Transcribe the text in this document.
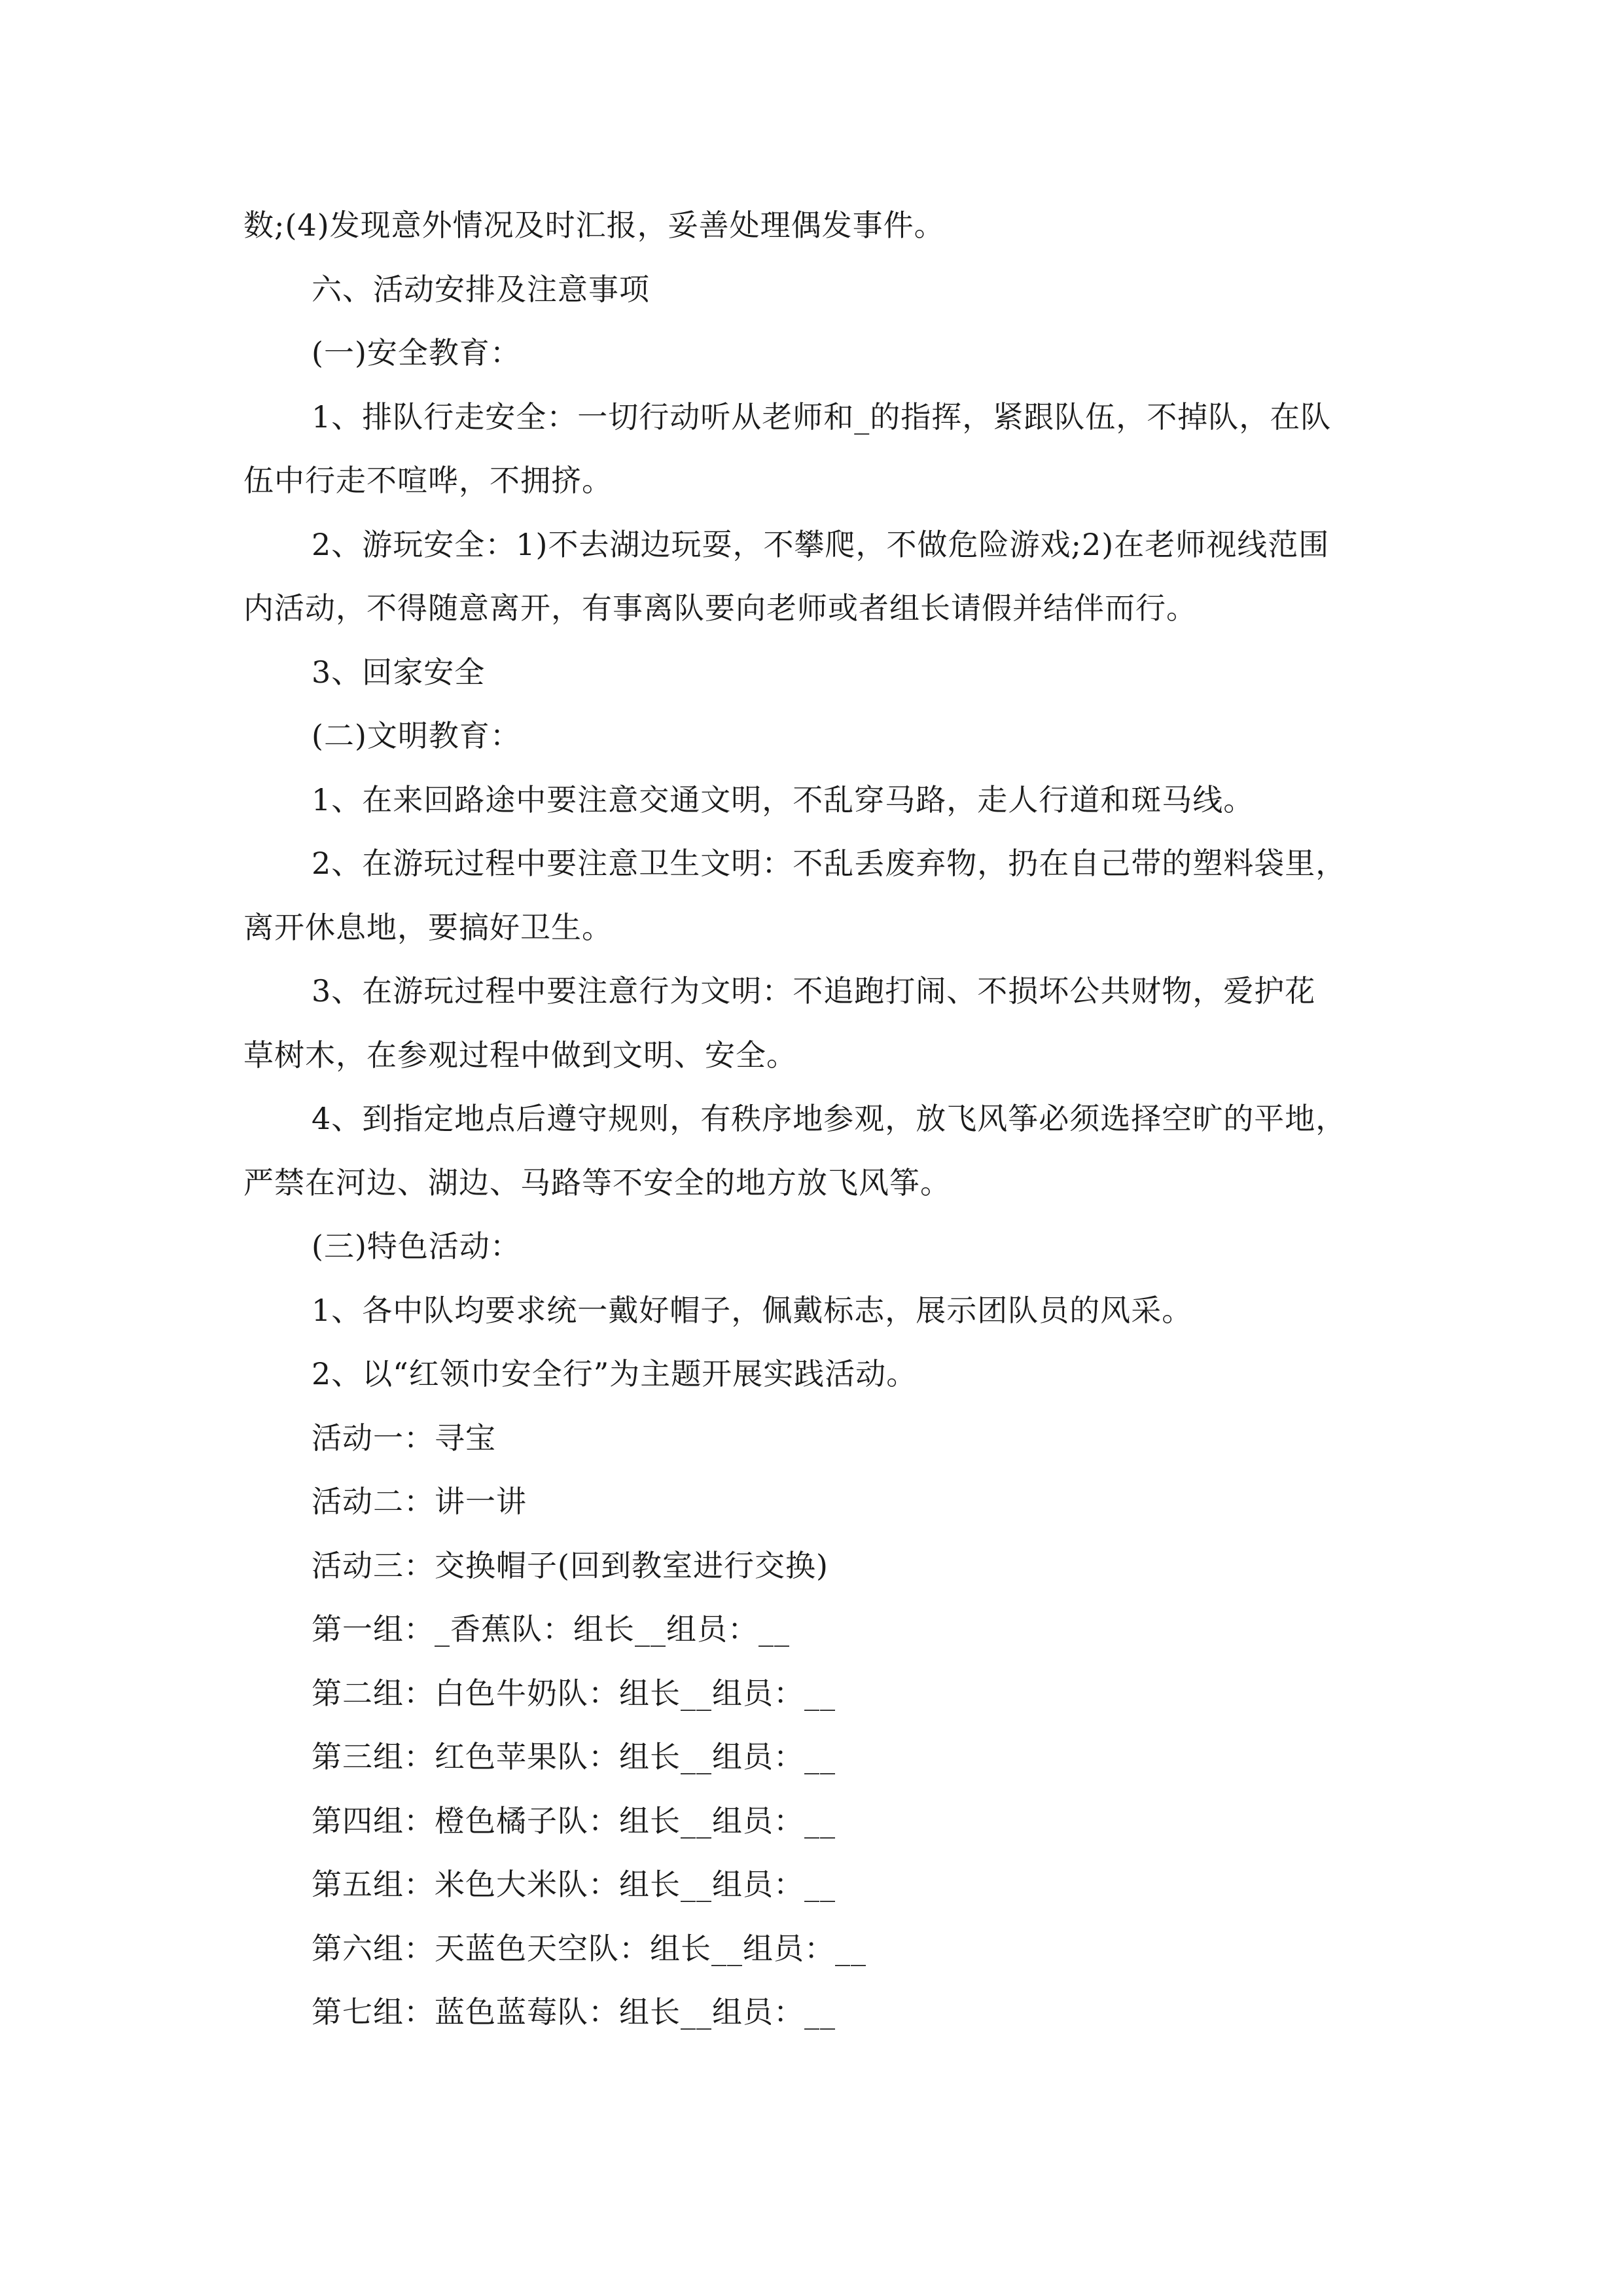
数;(4)发现意外情况及时汇报，妥善处理偶发事件。
六、活动安排及注意事项
(一)安全教育：
1、排队行走安全：一切行动听从老师和_的指挥，紧跟队伍，不掉队，在队
伍中行走不喧哗，不拥挤。
2、游玩安全：1)不去湖边玩耍，不攀爬，不做危险游戏;2)在老师视线范围
内活动，不得随意离开，有事离队要向老师或者组长请假并结伴而行。
3、回家安全
(二)文明教育：
1、在来回路途中要注意交通文明，不乱穿马路，走人行道和斑马线。
2、在游玩过程中要注意卫生文明：不乱丢废弃物，扔在自己带的塑料袋里，
离开休息地，要搞好卫生。
3、在游玩过程中要注意行为文明：不追跑打闹、不损坏公共财物，爱护花
草树木，在参观过程中做到文明、安全。
4、到指定地点后遵守规则，有秩序地参观，放飞风筝必须选择空旷的平地，
严禁在河边、湖边、马路等不安全的地方放飞风筝。
(三)特色活动：
1、各中队均要求统一戴好帽子，佩戴标志，展示团队员的风采。
2、以“红领巾安全行”为主题开展实践活动。
活动一：寻宝
活动二：讲一讲
活动三：交换帽子(回到教室进行交换)
第一组：_香蕉队：组长__组员：__
第二组：白色牛奶队：组长__组员：__
第三组：红色苹果队：组长__组员：__
第四组：橙色橘子队：组长__组员：__
第五组：米色大米队：组长__组员：__
第六组：天蓝色天空队：组长__组员：__
第七组：蓝色蓝莓队：组长__组员：__
